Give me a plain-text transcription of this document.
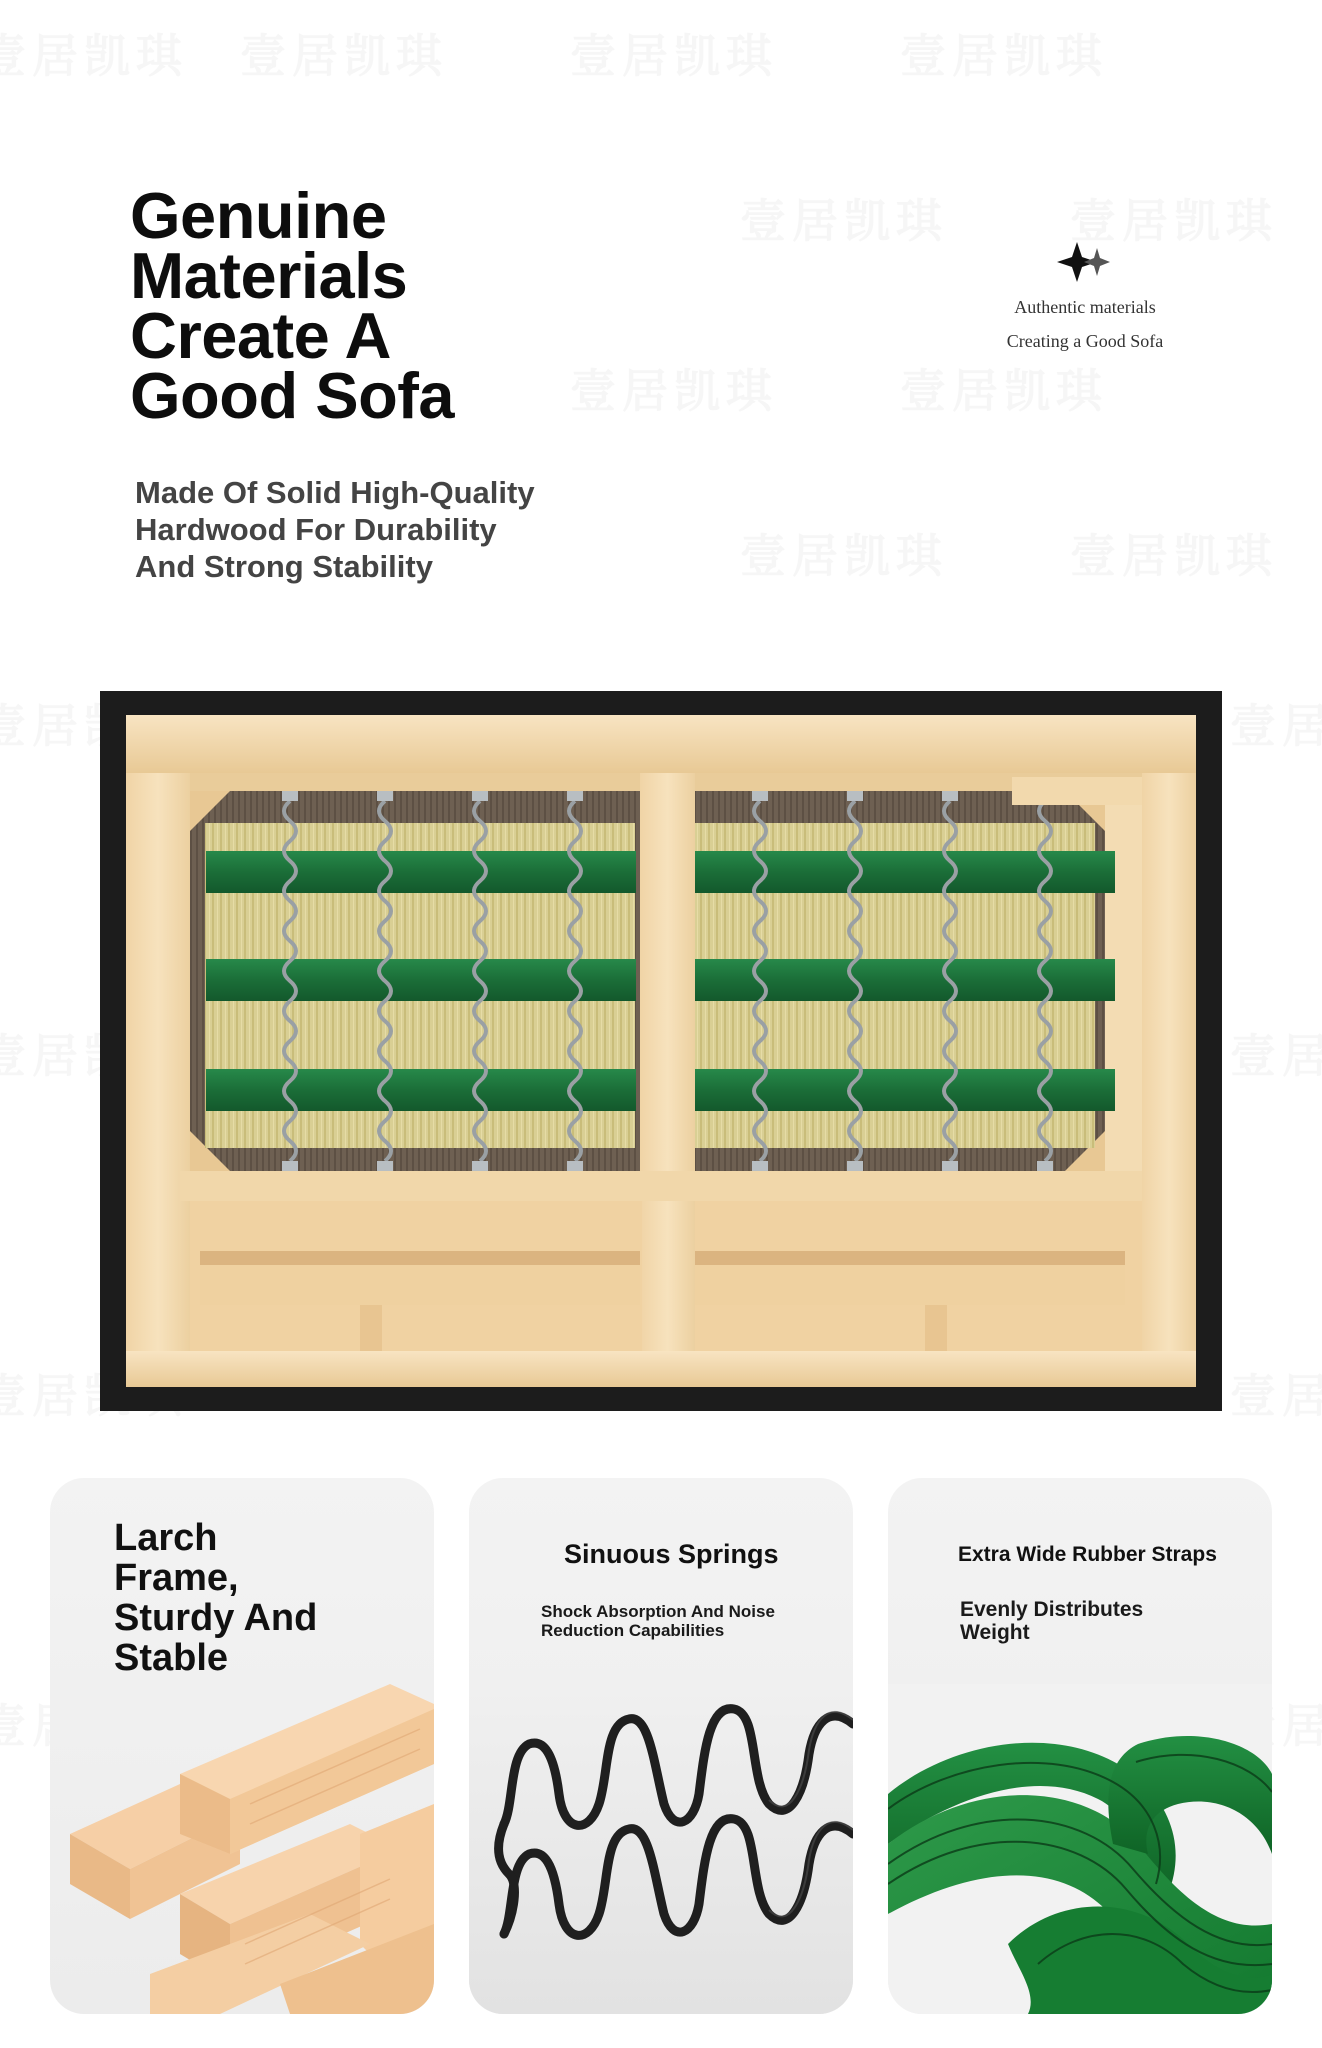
Genuine
Materials
Create A
Good Sofa
Made Of Solid High-Quality
Hardwood For Durability
And Strong Stability
Authentic materials
Creating a Good Sofa
Larch
Frame,
Sturdy And
Stable
Sinuous Springs
Shock Absorption And Noise
Reduction Capabilities
Extra Wide Rubber Straps
Evenly Distributes
Weight
